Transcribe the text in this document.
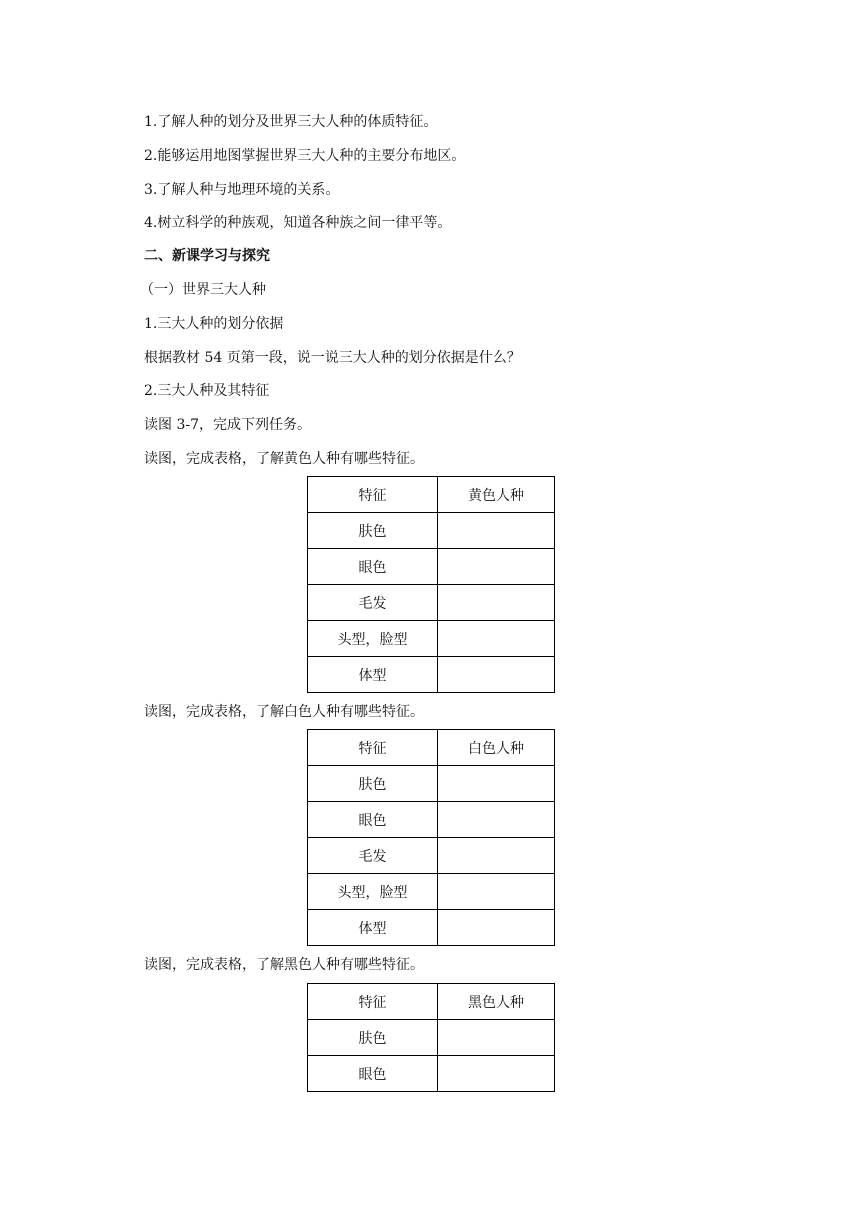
1.了解人种的划分及世界三大人种的体质特征。
2.能够运用地图掌握世界三大人种的主要分布地区。
3.了解人种与地理环境的关系。
4.树立科学的种族观，知道各种族之间一律平等。
二、新课学习与探究
（一）世界三大人种
1.三大人种的划分依据
根据教材 54 页第一段，说一说三大人种的划分依据是什么？
2.三大人种及其特征
读图 3-7，完成下列任务。
读图，完成表格，了解黄色人种有哪些特征。
特征	黄色人种
肤色	
眼色	
毛发	
头型，脸型	
体型	
读图，完成表格，了解白色人种有哪些特征。
特征	白色人种
肤色	
眼色	
毛发	
头型，脸型	
体型	
读图，完成表格，了解黑色人种有哪些特征。
特征	黑色人种
肤色	
眼色	
